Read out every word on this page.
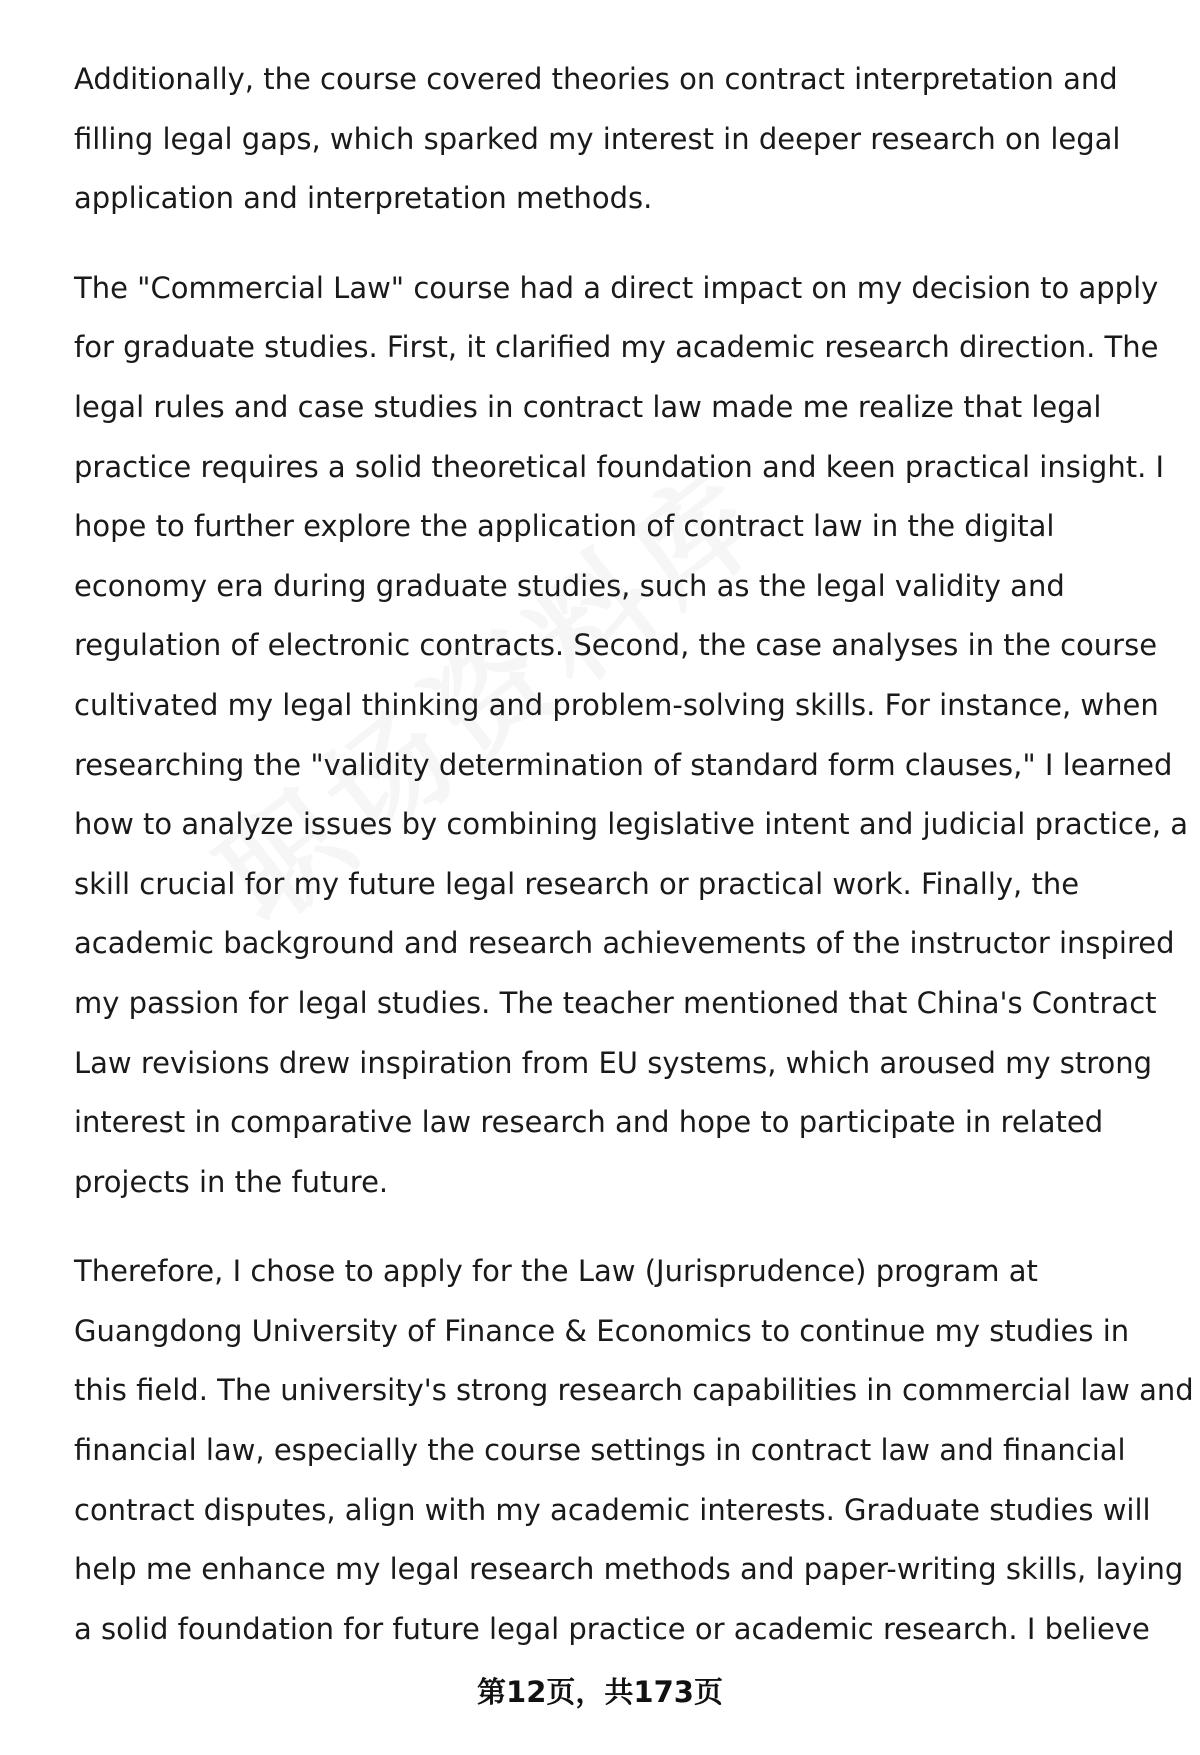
Additionally, the course covered theories on contract interpretation and
filling legal gaps, which sparked my interest in deeper research on legal
application and interpretation methods.
The "Commercial Law" course had a direct impact on my decision to apply
for graduate studies. First, it clarified my academic research direction. The
legal rules and case studies in contract law made me realize that legal
practice requires a solid theoretical foundation and keen practical insight. I
hope to further explore the application of contract law in the digital
economy era during graduate studies, such as the legal validity and
regulation of electronic contracts. Second, the case analyses in the course
cultivated my legal thinking and problem-solving skills. For instance, when
researching the "validity determination of standard form clauses," I learned
how to analyze issues by combining legislative intent and judicial practice, a
skill crucial for my future legal research or practical work. Finally, the
academic background and research achievements of the instructor inspired
my passion for legal studies. The teacher mentioned that China's Contract
Law revisions drew inspiration from EU systems, which aroused my strong
interest in comparative law research and hope to participate in related
projects in the future.
Therefore, I chose to apply for the Law (Jurisprudence) program at
Guangdong University of Finance & Economics to continue my studies in
this field. The university's strong research capabilities in commercial law and
financial law, especially the course settings in contract law and financial
contract disputes, align with my academic interests. Graduate studies will
help me enhance my legal research methods and paper-writing skills, laying
a solid foundation for future legal practice or academic research. I believe
第12页，共173页
